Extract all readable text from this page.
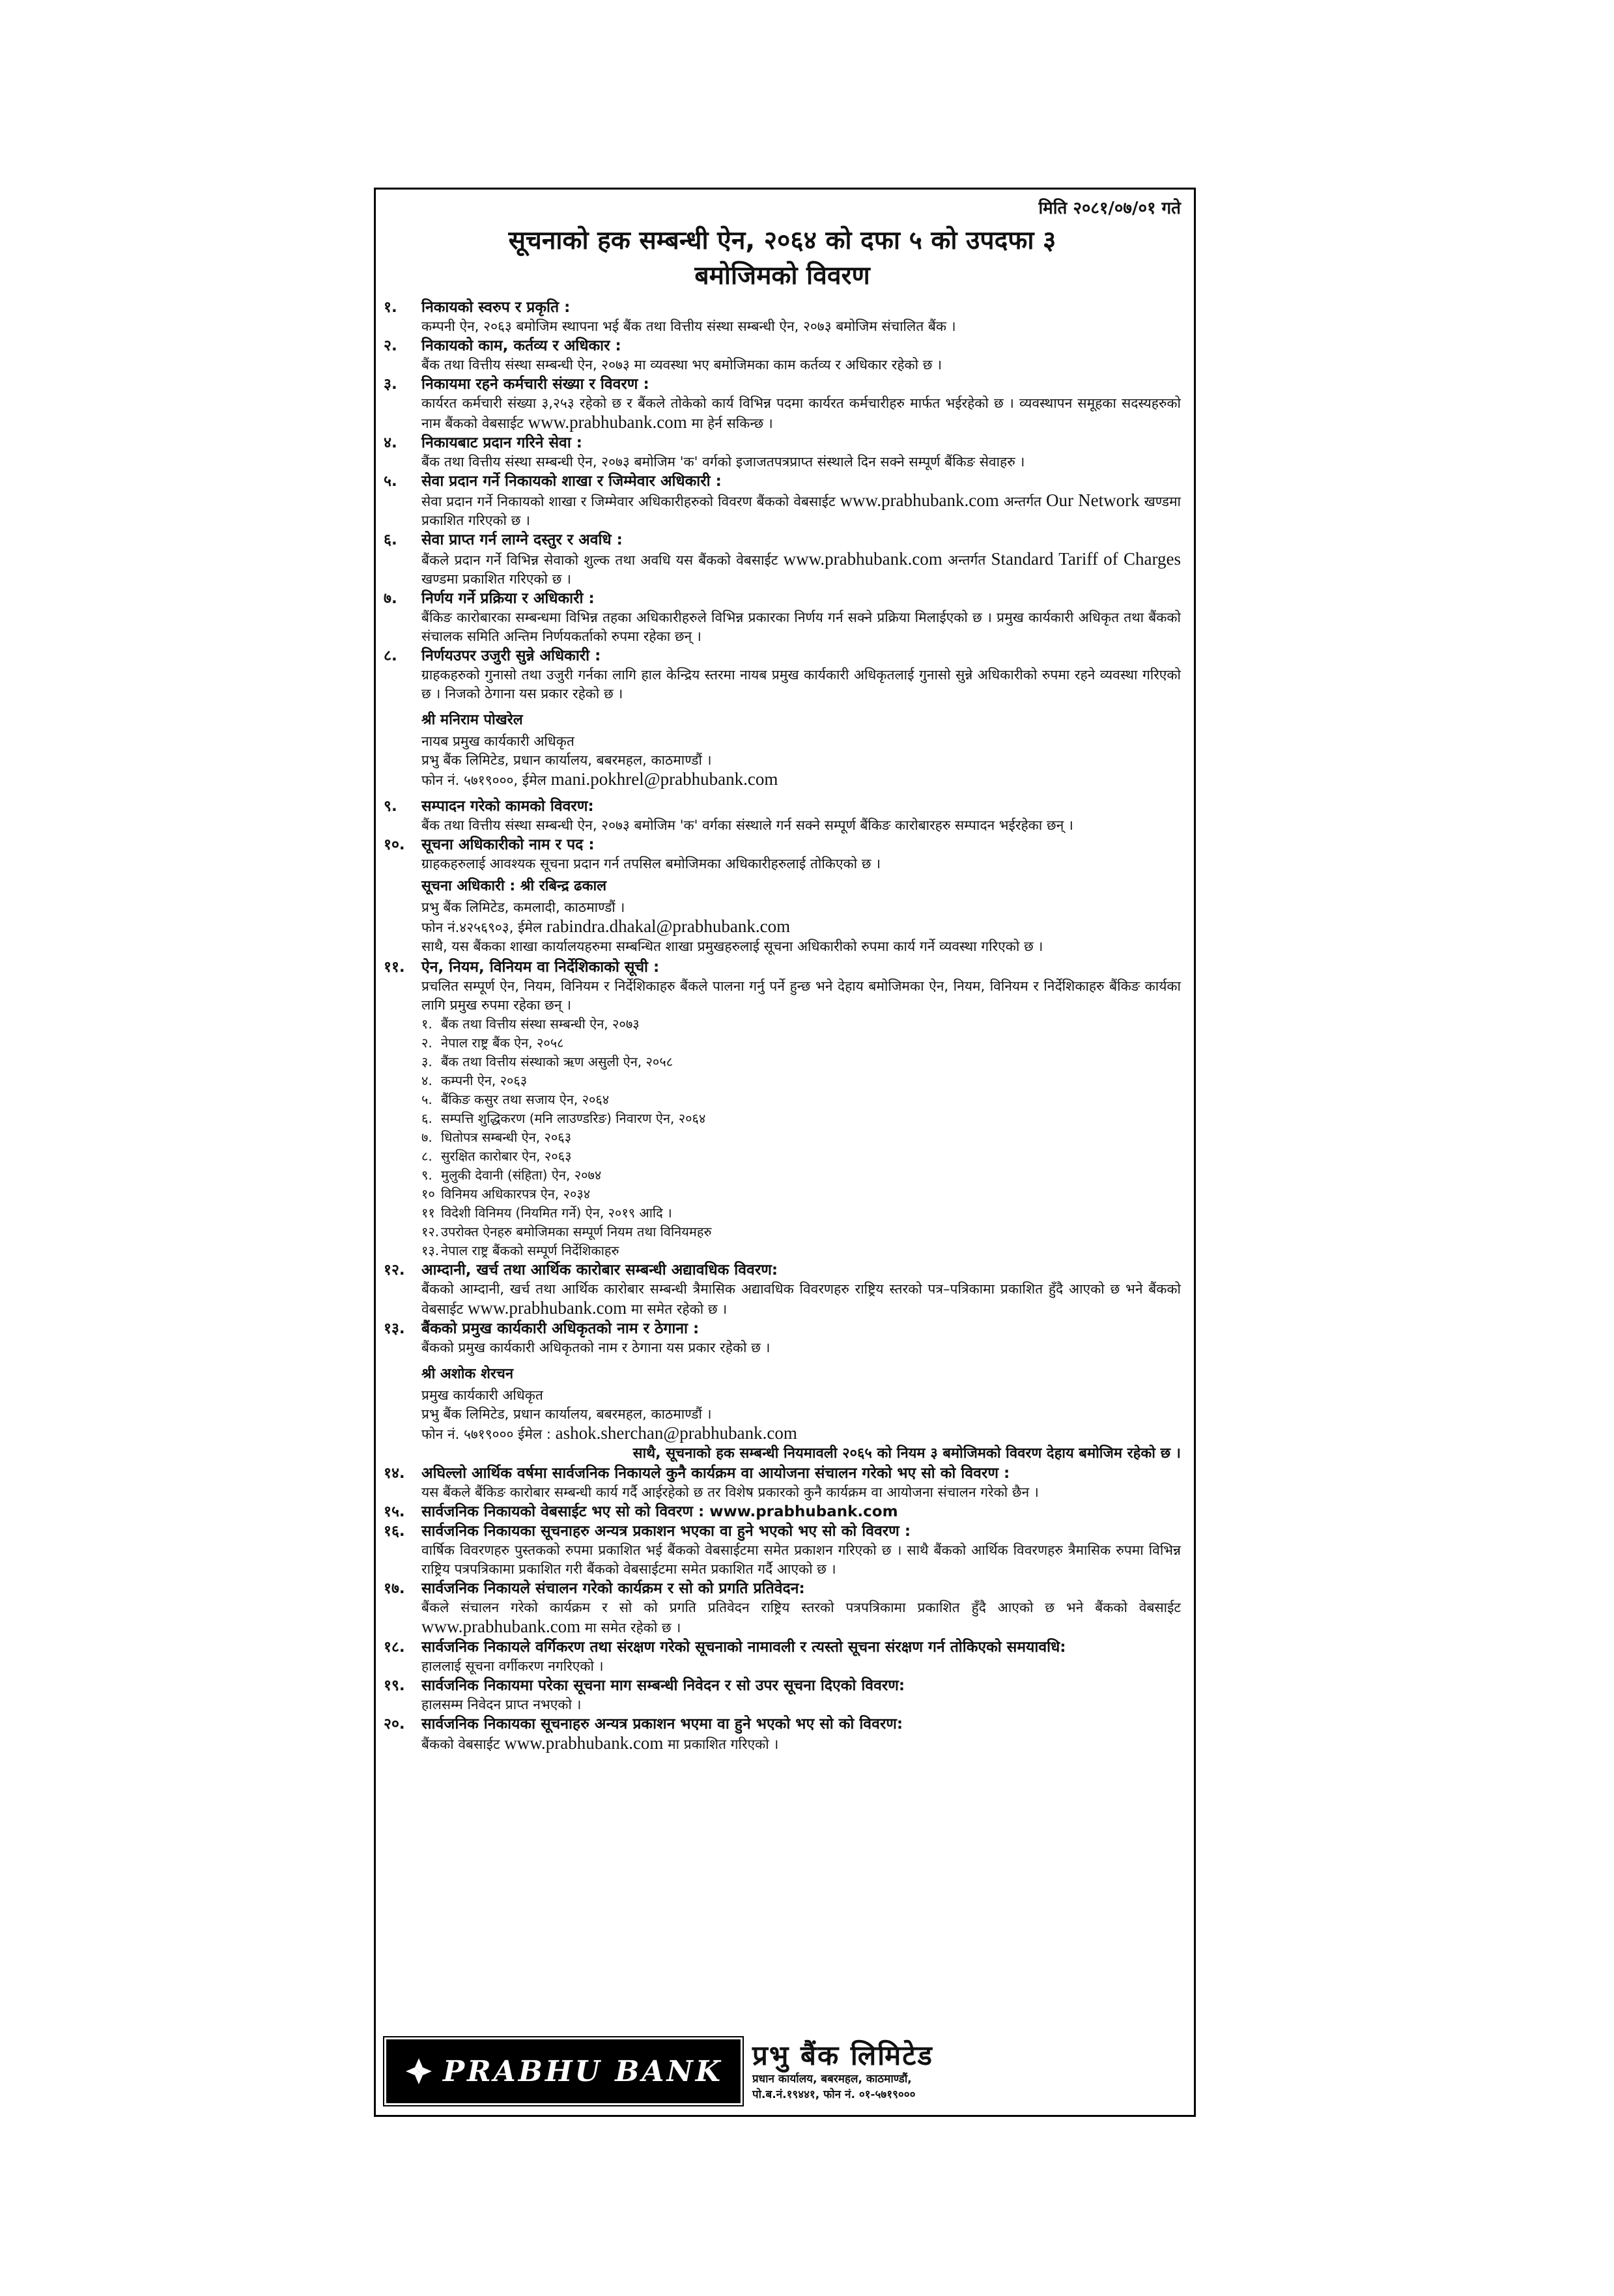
मिति २०८१/०७/०१ गते
सूचनाको हक सम्बन्धी ऐन, २०६४ को दफा ५ को उपदफा ३
बमोजिमको विवरण
१.	निकायको स्वरुप र प्रकृति :
कम्पनी ऐन, २०६३ बमोजिम स्थापना भई बैंक तथा वित्तीय संस्था सम्बन्धी ऐन, २०७३ बमोजिम संचालित बैंक ।
२.	निकायको काम, कर्तव्य र अधिकार :
बैंक तथा वित्तीय संस्था सम्बन्धी ऐन, २०७३ मा व्यवस्था भए बमोजिमका काम कर्तव्य र अधिकार रहेको छ ।
३.	निकायमा रहने कर्मचारी संख्या र विवरण :
कार्यरत कर्मचारी संख्या ३,२५३ रहेको छ र बैंकले तोकेको कार्य विभिन्न पदमा कार्यरत कर्मचारीहरु मार्फत भईरहेको छ । व्यवस्थापन समूहका सदस्यहरुको नाम बैंकको वेबसाईट www.prabhubank.com मा हेर्न सकिन्छ ।
४.	निकायबाट प्रदान गरिने सेवा :
बैंक तथा वित्तीय संस्था सम्बन्धी ऐन, २०७३ बमोजिम 'क' वर्गको इजाजतपत्रप्राप्त संस्थाले दिन सक्ने सम्पूर्ण बैंकिङ सेवाहरु ।
५.	सेवा प्रदान गर्ने निकायको शाखा र जिम्मेवार अधिकारी :
सेवा प्रदान गर्ने निकायको शाखा र जिम्मेवार अधिकारीहरुको विवरण बैंकको वेबसाईट www.prabhubank.com अन्तर्गत Our Network खण्डमा प्रकाशित गरिएको छ ।
६.	सेवा प्राप्त गर्न लाग्ने दस्तुर र अवधि :
बैंकले प्रदान गर्ने विभिन्न सेवाको शुल्क तथा अवधि यस बैंकको वेबसाईट www.prabhubank.com अन्तर्गत Standard Tariff of Charges खण्डमा प्रकाशित गरिएको छ ।
७.	निर्णय गर्ने प्रक्रिया र अधिकारी :
बैंकिङ कारोबारका सम्बन्धमा विभिन्न तहका अधिकारीहरुले विभिन्न प्रकारका निर्णय गर्न सक्ने प्रक्रिया मिलाईएको छ । प्रमुख कार्यकारी अधिकृत तथा बैंकको संचालक समिति अन्तिम निर्णयकर्ताको रुपमा रहेका छन् ।
८.	निर्णयउपर उजुरी सुन्ने अधिकारी :
ग्राहकहरुको गुनासो तथा उजुरी गर्नका लागि हाल केन्द्रिय स्तरमा नायब प्रमुख कार्यकारी अधिकृतलाई गुनासो सुन्ने अधिकारीको रुपमा रहने व्यवस्था गरिएको छ । निजको ठेगाना यस प्रकार रहेको छ ।
श्री मनिराम पोखरेल
नायब प्रमुख कार्यकारी अधिकृत
प्रभु बैंक लिमिटेड, प्रधान कार्यालय, बबरमहल, काठमाण्डौं ।
फोन नं. ५७१९०००, ईमेल mani.pokhrel@prabhubank.com
९.	सम्पादन गरेको कामको विवरण:
बैंक तथा वित्तीय संस्था सम्बन्धी ऐन, २०७३ बमोजिम 'क' वर्गका संस्थाले गर्न सक्ने सम्पूर्ण बैंकिङ कारोबारहरु सम्पादन भईरहेका छन् ।
१०.	सूचना अधिकारीको नाम र पद :
ग्राहकहरुलाई आवश्यक सूचना प्रदान गर्न तपसिल बमोजिमका अधिकारीहरुलाई तोकिएको छ ।
सूचना अधिकारी : श्री रबिन्द्र ढकाल
प्रभु बैंक लिमिटेड, कमलादी, काठमाण्डौं ।
फोन नं.४२५६९०३, ईमेल rabindra.dhakal@prabhubank.com
साथै, यस बैंकका शाखा कार्यालयहरुमा सम्बन्धित शाखा प्रमुखहरुलाई सूचना अधिकारीको रुपमा कार्य गर्ने व्यवस्था गरिएको छ ।
११.	ऐन, नियम, विनियम वा निर्देशिकाको सूची :
प्रचलित सम्पूर्ण ऐन, नियम, विनियम र निर्देशिकाहरु बैंकले पालना गर्नु पर्ने हुन्छ भने देहाय बमोजिमका ऐन, नियम, विनियम र निर्देशिकाहरु बैंकिङ कार्यका लागि प्रमुख रुपमा रहेका छन् ।
१. बैंक तथा वित्तीय संस्था सम्बन्धी ऐन, २०७३
२. नेपाल राष्ट्र बैंक ऐन, २०५८
३. बैंक तथा वित्तीय संस्थाको ऋण असुली ऐन, २०५८
४. कम्पनी ऐन, २०६३
५. बैंकिङ कसुर तथा सजाय ऐन, २०६४
६. सम्पत्ति शुद्धिकरण (मनि लाउण्डरिङ) निवारण ऐन, २०६४
७. धितोपत्र सम्बन्धी ऐन, २०६३
८. सुरक्षित कारोबार ऐन, २०६३
९. मुलुकी देवानी (संहिता) ऐन, २०७४
१० विनिमय अधिकारपत्र ऐन, २०३४
११ विदेशी विनिमय (नियमित गर्ने) ऐन, २०१९ आदि ।
१२. उपरोक्त ऐनहरु बमोजिमका सम्पूर्ण नियम तथा विनियमहरु
१३. नेपाल राष्ट्र बैंकको सम्पूर्ण निर्देशिकाहरु
१२.	आम्दानी, खर्च तथा आर्थिक कारोबार सम्बन्धी अद्यावधिक विवरण:
बैंकको आम्दानी, खर्च तथा आर्थिक कारोबार सम्बन्धी त्रैमासिक अद्यावधिक विवरणहरु राष्ट्रिय स्तरको पत्र–पत्रिकामा प्रकाशित हुँदै आएको छ भने बैंकको वेबसाईट www.prabhubank.com मा समेत रहेको छ ।
१३.	बैंकको प्रमुख कार्यकारी अधिकृतको नाम र ठेगाना :
बैंकको प्रमुख कार्यकारी अधिकृतको नाम र ठेगाना यस प्रकार रहेको छ ।
श्री अशोक शेरचन
प्रमुख कार्यकारी अधिकृत
प्रभु बैंक लिमिटेड, प्रधान कार्यालय, बबरमहल, काठमाण्डौं ।
फोन नं. ५७१९००० ईमेल : ashok.sherchan@prabhubank.com
साथै, सूचनाको हक सम्बन्धी नियमावली २०६५ को नियम ३ बमोजिमको विवरण देहाय बमोजिम रहेको छ ।
१४.	अघिल्लो आर्थिक वर्षमा सार्वजनिक निकायले कुनै कार्यक्रम वा आयोजना संचालन गरेको भए सो को विवरण :
यस बैंकले बैंकिङ कारोबार सम्बन्धी कार्य गर्दै आईरहेको छ तर विशेष प्रकारको कुनै कार्यक्रम वा आयोजना संचालन गरेको छैन ।
१५.	सार्वजनिक निकायको वेबसाईट भए सो को विवरण : www.prabhubank.com
१६.	सार्वजनिक निकायका सूचनाहरु अन्यत्र प्रकाशन भएका वा हुने भएको भए सो को विवरण :
वार्षिक विवरणहरु पुस्तकको रुपमा प्रकाशित भई बैंकको वेबसाईटमा समेत प्रकाशन गरिएको छ । साथै बैंकको आर्थिक विवरणहरु त्रैमासिक रुपमा विभिन्न राष्ट्रिय पत्रपत्रिकामा प्रकाशित गरी बैंकको वेबसाईटमा समेत प्रकाशित गर्दै आएको छ ।
१७.	सार्वजनिक निकायले संचालन गरेको कार्यक्रम र सो को प्रगति प्रतिवेदन:
बैंकले संचालन गरेको कार्यक्रम र सो को प्रगति प्रतिवेदन राष्ट्रिय स्तरको पत्रपत्रिकामा प्रकाशित हुँदै आएको छ भने बैंकको वेबसाईट www.prabhubank.com मा समेत रहेको छ ।
१८.	सार्वजनिक निकायले वर्गिकरण तथा संरक्षण गरेको सूचनाको नामावली र त्यस्तो सूचना संरक्षण गर्न तोकिएको समयावधि:
हाललाई सूचना वर्गीकरण नगरिएको ।
१९.	सार्वजनिक निकायमा परेका सूचना माग सम्बन्धी निवेदन र सो उपर सूचना दिएको विवरण:
हालसम्म निवेदन प्राप्त नभएको ।
२०.	सार्वजनिक निकायका सूचनाहरु अन्यत्र प्रकाशन भएमा वा हुने भएको भए सो को विवरण:
बैंकको वेबसाईट www.prabhubank.com मा प्रकाशित गरिएको ।
PRABHU BANK प्रभु बैंक लिमिटेड
प्रधान कार्यालय, बबरमहल, काठमाण्डौं,
पो.ब.नं.१९४४१, फोन नं. ०१-५७१९०००
